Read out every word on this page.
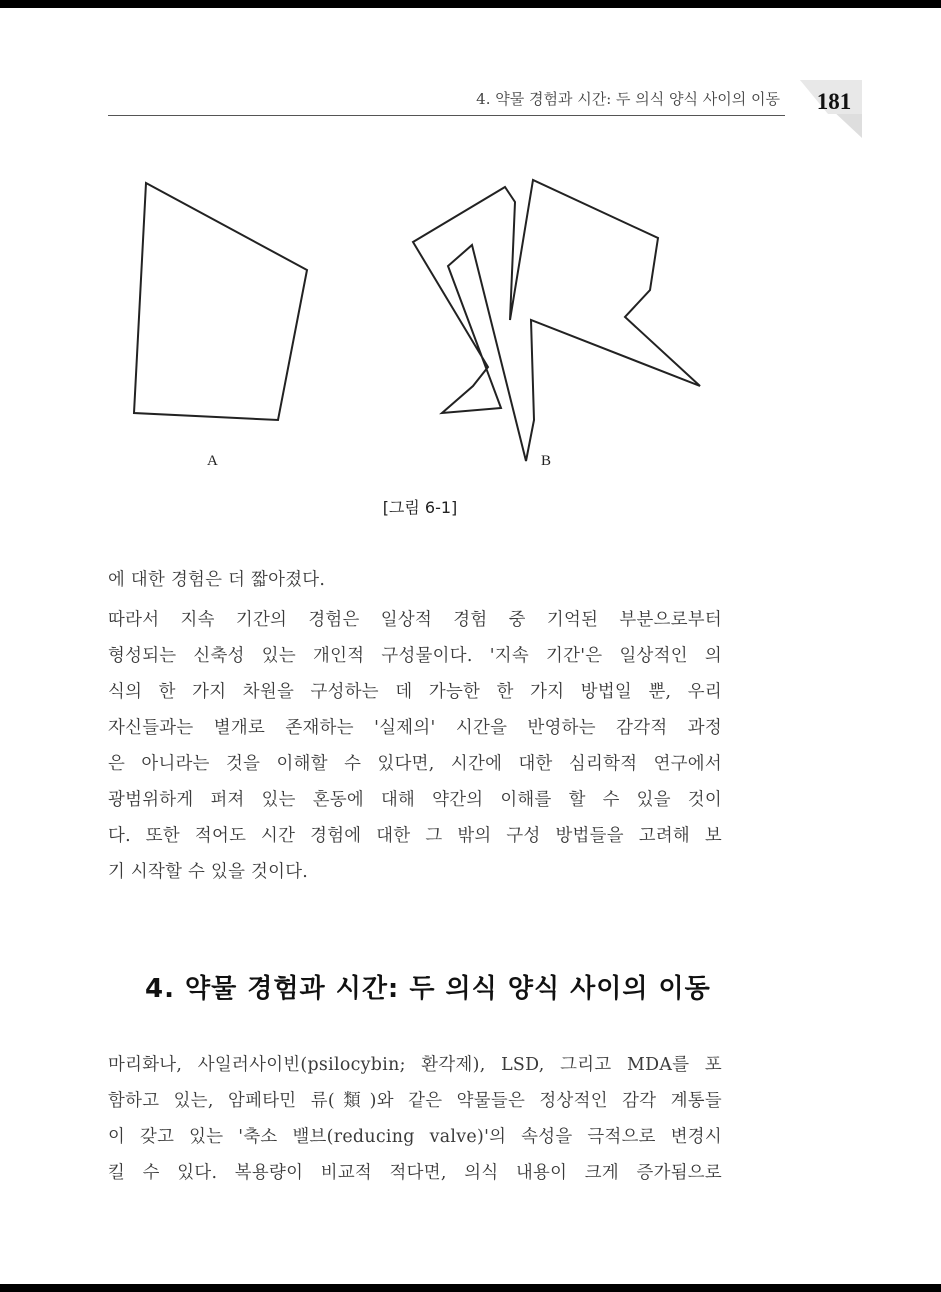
4. 약물 경험과 시간: 두 의식 양식 사이의 이동	181
A	B
[그림 6-1]
에 대한 경험은 더 짧아졌다.
따라서 지속 기간의 경험은 일상적 경험 중 기억된 부분으로부터
형성되는 신축성 있는 개인적 구성물이다. '지속 기간'은 일상적인 의
식의 한 가지 차원을 구성하는 데 가능한 한 가지 방법일 뿐, 우리
자신들과는 별개로 존재하는 '실제의' 시간을 반영하는 감각적 과정
은 아니라는 것을 이해할 수 있다면, 시간에 대한 심리학적 연구에서
광범위하게 퍼져 있는 혼동에 대해 약간의 이해를 할 수 있을 것이
다. 또한 적어도 시간 경험에 대한 그 밖의 구성 방법들을 고려해 보
기 시작할 수 있을 것이다.
4. 약물 경험과 시간: 두 의식 양식 사이의 이동
마리화나, 사일러사이빈(psilocybin; 환각제), LSD, 그리고 MDA를 포
함하고 있는, 암페타민 류(類)와 같은 약물들은 정상적인 감각 계통들
이 갖고 있는 '축소 밸브(reducing valve)'의 속성을 극적으로 변경시
킬 수 있다. 복용량이 비교적 적다면, 의식 내용이 크게 증가됨으로
